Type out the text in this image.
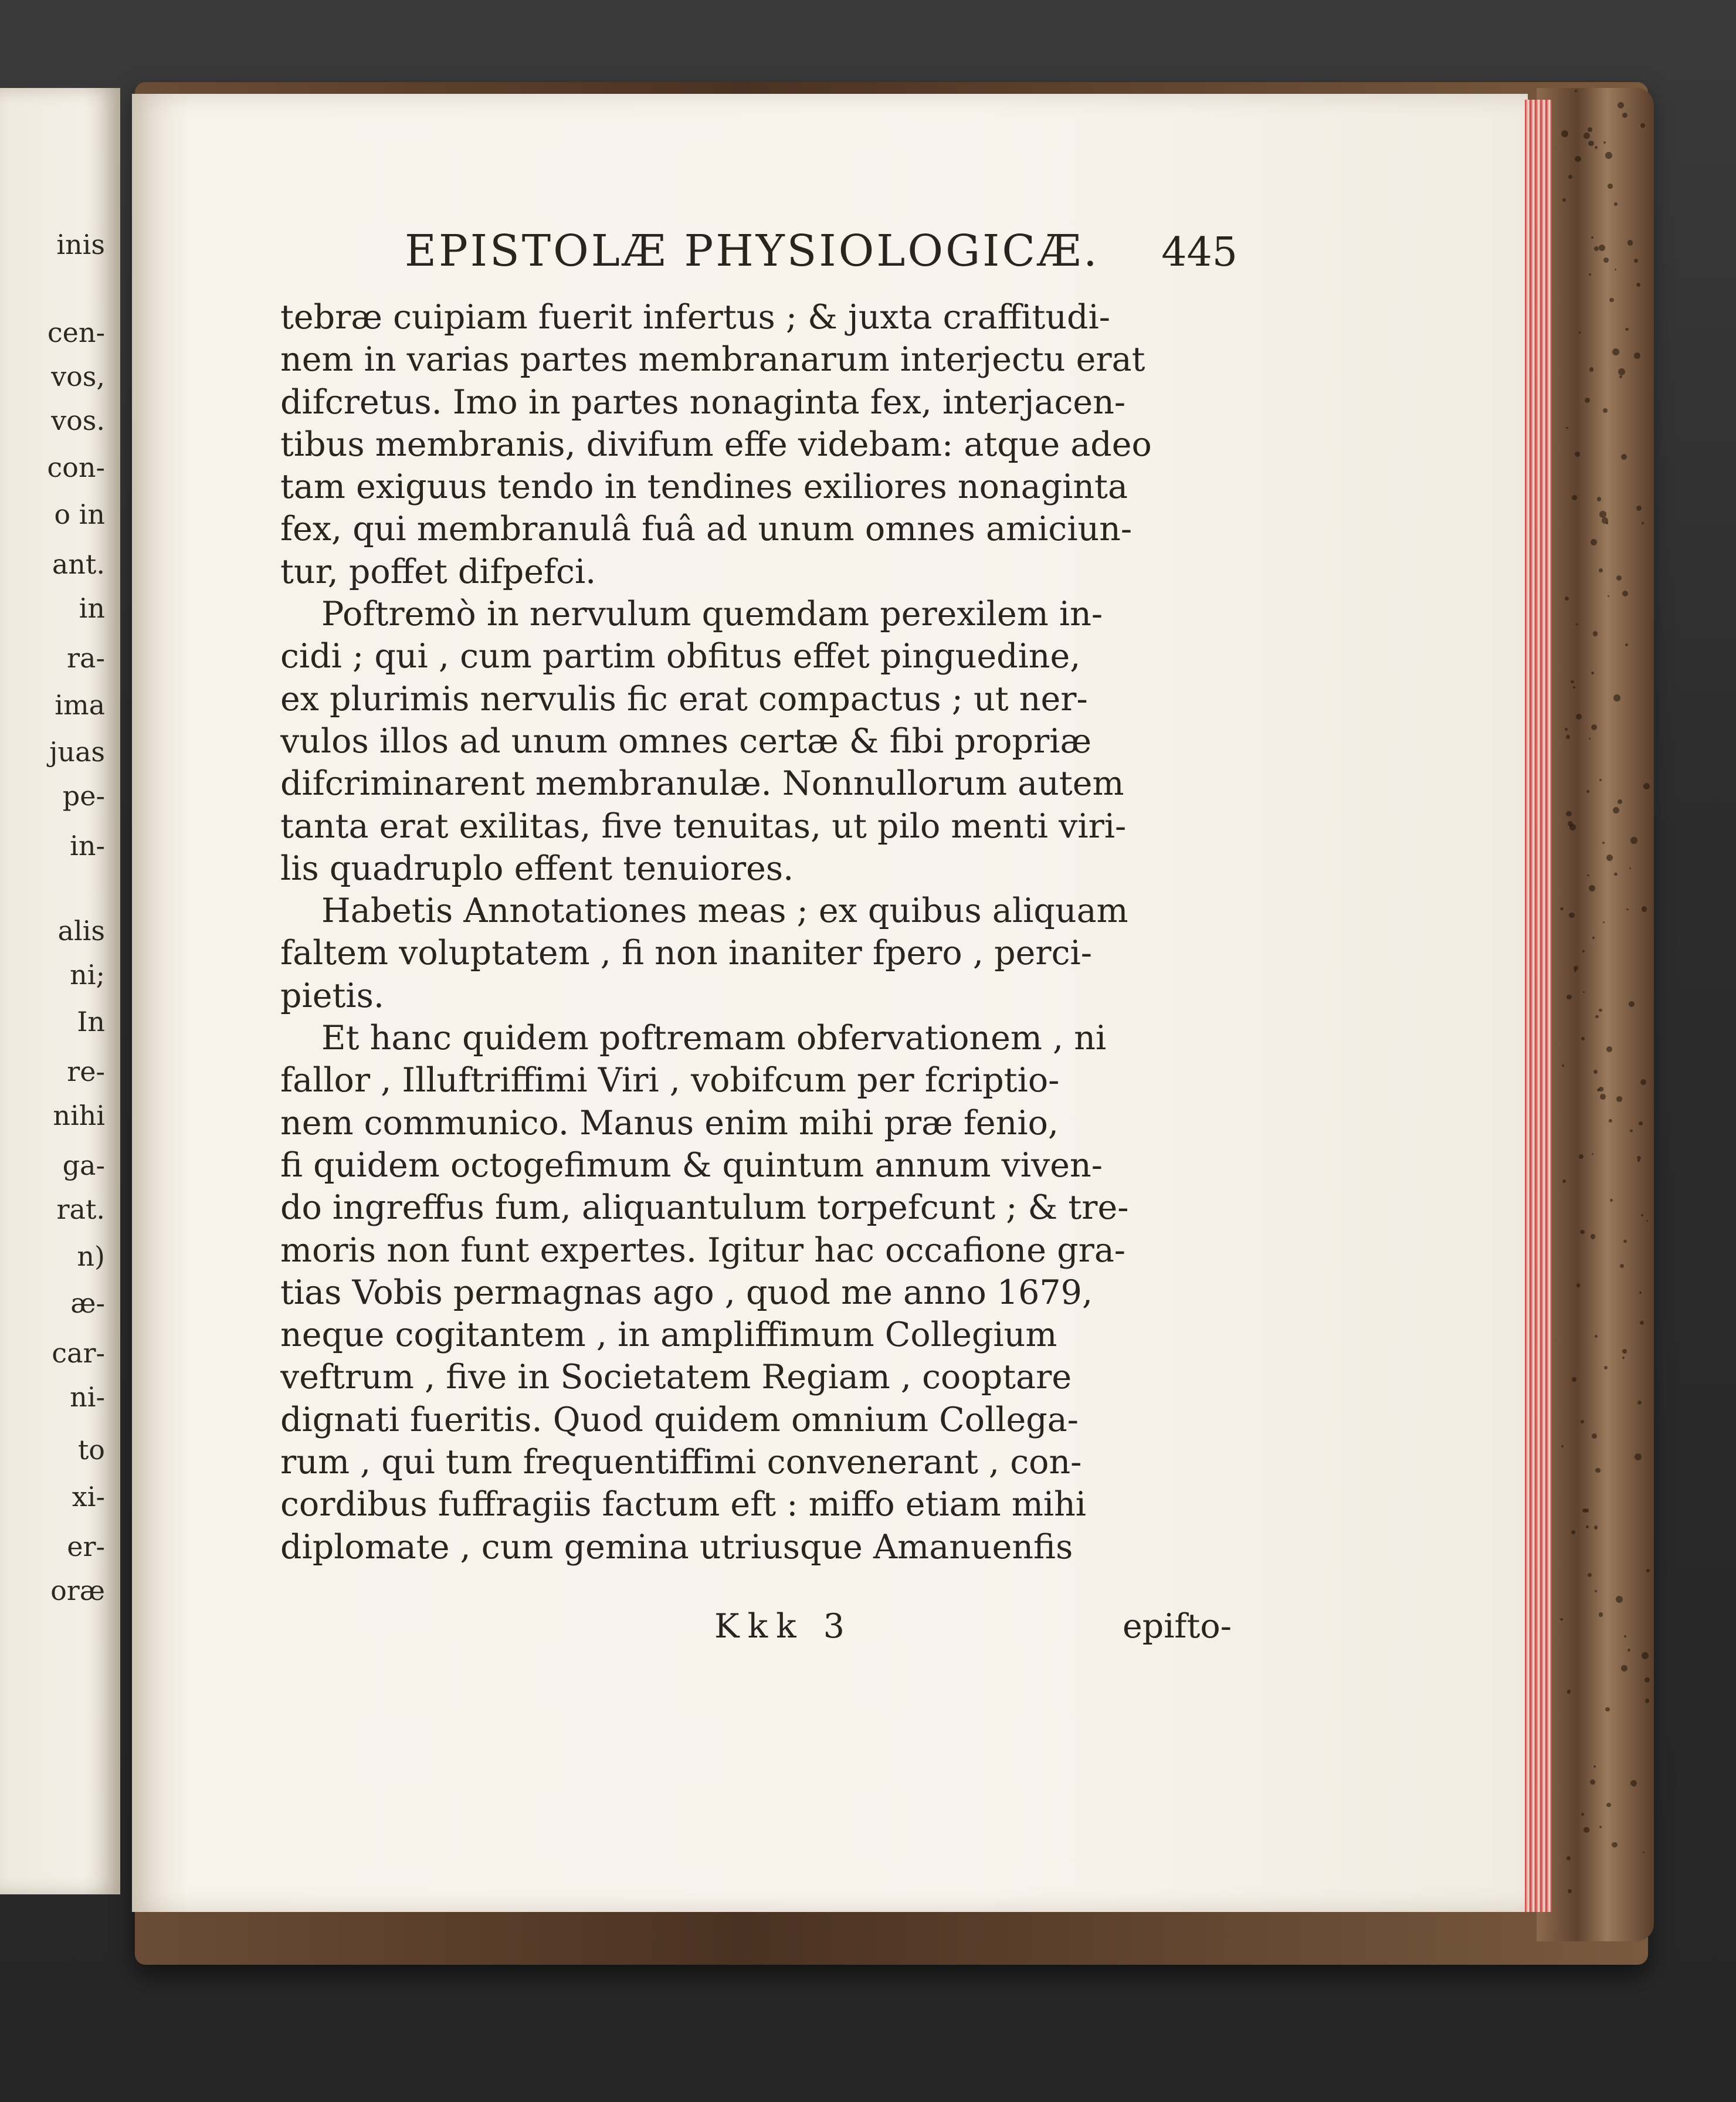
inis
cen-
vos,
vos.
con-
o in
ant.
in
ra-
ima
juas
pe-
in-
alis
ni;
In
re-
nihi
ga-
rat.
n)
æ-
car-
ni-
to
xi-
er-
oræ
EPISTOLÆ PHYSIOLOGICÆ. 445
tebræ cuipiam fuerit infertus ; & juxta craffitudi-
nem in varias partes membranarum interjectu erat
difcretus. Imo in partes nonaginta fex, interjacen-
tibus membranis, divifum effe videbam: atque adeo
tam exiguus tendo in tendines exiliores nonaginta
fex, qui membranulâ fuâ ad unum omnes amiciun-
tur, poffet difpefci.
Poftremò in nervulum quemdam perexilem in-
cidi ; qui , cum partim obfitus effet pinguedine,
ex plurimis nervulis fic erat compactus ; ut ner-
vulos illos ad unum omnes certæ & fibi propriæ
difcriminarent membranulæ. Nonnullorum autem
tanta erat exilitas, five tenuitas, ut pilo menti viri-
lis quadruplo effent tenuiores.
Habetis Annotationes meas ; ex quibus aliquam
faltem voluptatem , fi non inaniter fpero , perci-
pietis.
Et hanc quidem poftremam obfervationem , ni
fallor , Illuftriffimi Viri , vobifcum per fcriptio-
nem communico. Manus enim mihi præ fenio,
fi quidem octogefimum & quintum annum viven-
do ingreffus fum, aliquantulum torpefcunt ; & tre-
moris non funt expertes. Igitur hac occafione gra-
tias Vobis permagnas ago , quod me anno 1679,
neque cogitantem , in ampliffimum Collegium
veftrum , five in Societatem Regiam , cooptare
dignati fueritis. Quod quidem omnium Collega-
rum , qui tum frequentiffimi convenerant , con-
cordibus fuffragiis factum eft : miffo etiam mihi
diplomate , cum gemina utriusque Amanuenfis
Kkk 3	epifto-
